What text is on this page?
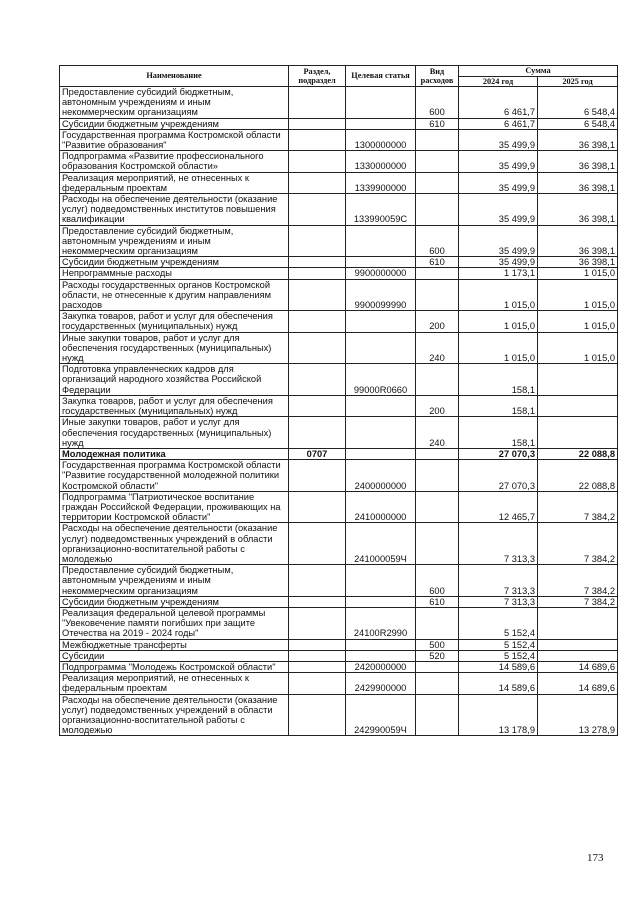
Наименование	Раздел, подраздел	Целевая статья	Вид расходов	Сумма	
				2024 год	2025 год
Предоставление субсидий бюджетным, автономным учреждениям и иным некоммерческим организациям			600	6 461,7	6 548,4
Субсидии бюджетным учреждениям			610	6 461,7	6 548,4
Государственная программа Костромской области "Развитие образования"		1300000000		35 499,9	36 398,1
Подпрограмма «Развитие профессионального образования Костромской области»		1330000000		35 499,9	36 398,1
Реализация мероприятий, не отнесенных к федеральным проектам		1339900000		35 499,9	36 398,1
Расходы на обеспечение деятельности (оказание услуг) подведомственных институтов повышения квалификации		133990059С		35 499,9	36 398,1
Предоставление субсидий бюджетным, автономным учреждениям и иным некоммерческим организациям			600	35 499,9	36 398,1
Субсидии бюджетным учреждениям			610	35 499,9	36 398,1
Непрограммные расходы		9900000000		1 173,1	1 015,0
Расходы государственных органов Костромской области, не отнесенные к другим направлениям расходов		9900099990		1 015,0	1 015,0
Закупка товаров, работ и услуг для обеспечения государственных (муниципальных) нужд			200	1 015,0	1 015,0
Иные закупки товаров, работ и услуг для обеспечения государственных (муниципальных) нужд			240	1 015,0	1 015,0
Подготовка управленческих кадров для организаций народного хозяйства Российской Федерации		99000R0660		158,1	
Закупка товаров, работ и услуг для обеспечения государственных (муниципальных) нужд			200	158,1	
Иные закупки товаров, работ и услуг для обеспечения государственных (муниципальных) нужд			240	158,1	
Молодежная политика	0707			27 070,3	22 088,8
Государственная программа Костромской области "Развитие государственной молодежной политики Костромской области"		2400000000		27 070,3	22 088,8
Подпрограмма "Патриотическое воспитание граждан Российской Федерации, проживающих на территории Костромской области"		2410000000		12 465,7	7 384,2
Расходы на обеспечение деятельности (оказание услуг) подведомственных учреждений в области организационно-воспитательной работы с молодежью		241000059Ч		7 313,3	7 384,2
Предоставление субсидий бюджетным, автономным учреждениям и иным некоммерческим организациям			600	7 313,3	7 384,2
Субсидии бюджетным учреждениям			610	7 313,3	7 384,2
Реализация федеральной целевой программы "Увековечение памяти погибших при защите Отечества на 2019 - 2024 годы"		24100R2990		5 152,4	
Межбюджетные трансферты			500	5 152,4	
Субсидии			520	5 152,4	
Подпрограмма "Молодежь Костромской области"		2420000000		14 589,6	14 689,6
Реализация мероприятий, не отнесенных к федеральным проектам		2429900000		14 589,6	14 689,6
Расходы на обеспечение деятельности (оказание услуг) подведомственных учреждений в области организационно-воспитательной работы с молодежью		242990059Ч		13 178,9	13 278,9
173
